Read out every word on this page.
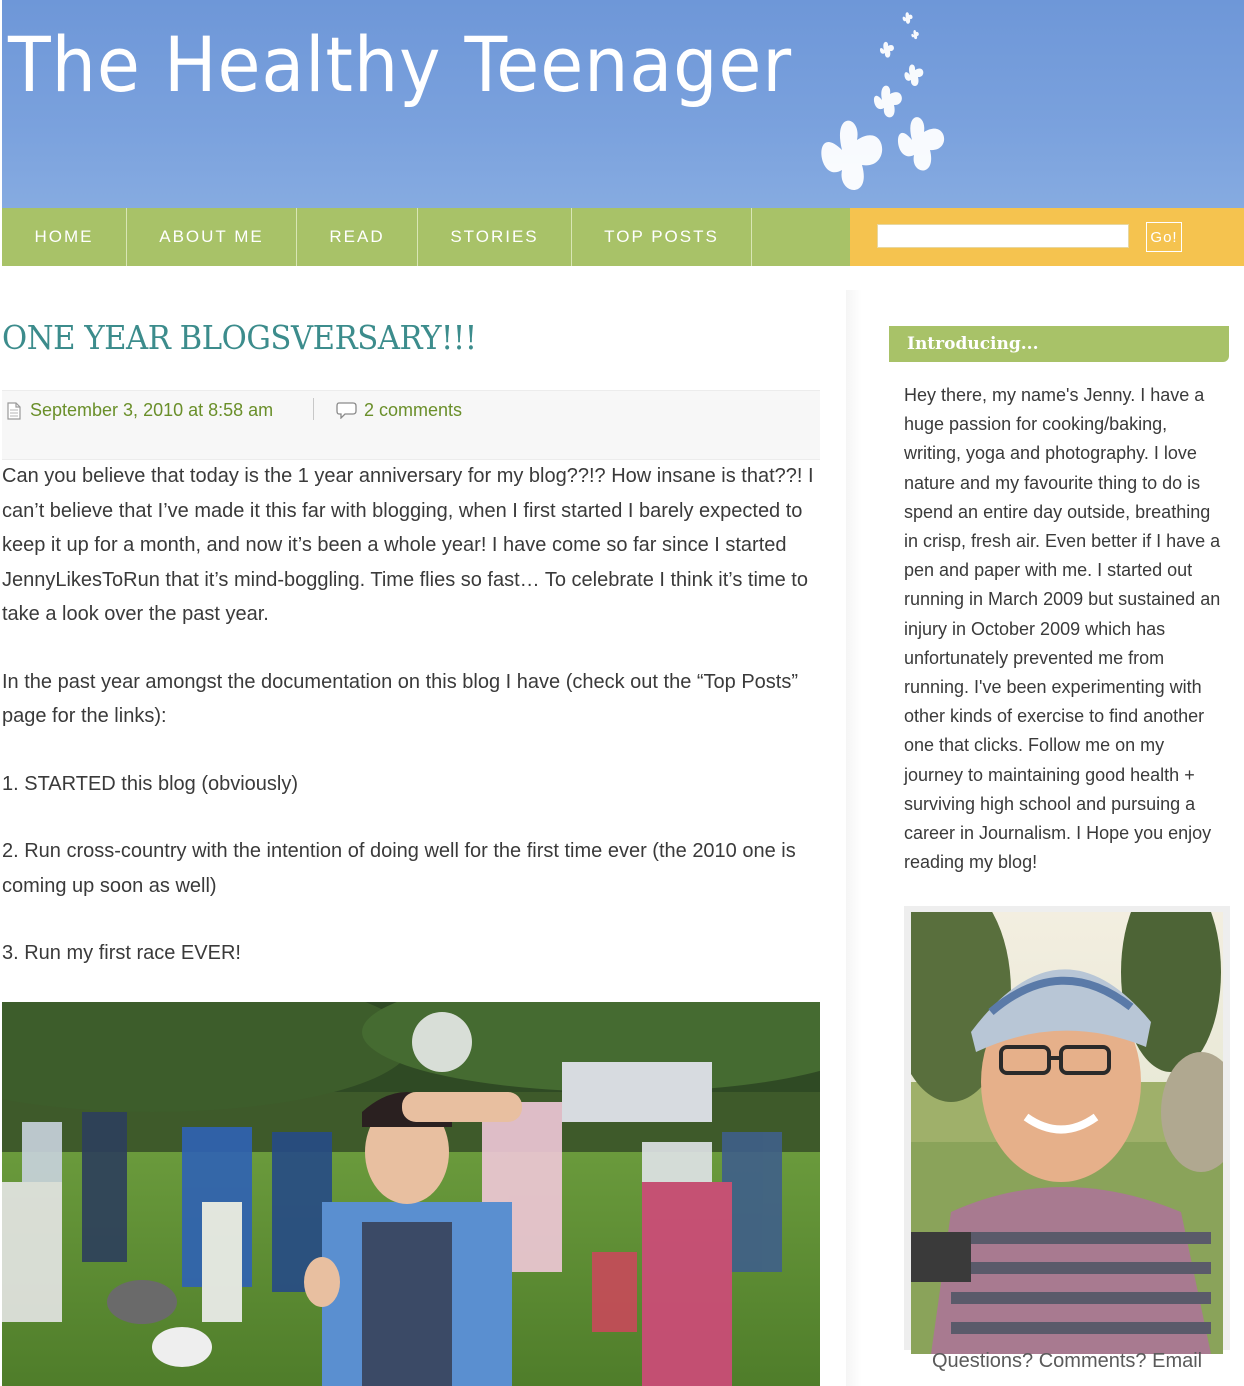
The Healthy Teenager
HOME	ABOUT ME	READ	STORIES	TOP POSTS	Go!
ONE YEAR BLOGSVERSARY!!!
September 3, 2010 at 8:58 am	2 comments

Can you believe that today is the 1 year anniversary for my blog??!? How insane is that??! I can’t believe that I’ve made it this far with blogging, when I first started I barely expected to keep it up for a month, and now it’s been a whole year! I have come so far since I started JennyLikesToRun that it’s mind-boggling. Time flies so fast… To celebrate I think it’s time to take a look over the past year.

In the past year amongst the documentation on this blog I have (check out the “Top Posts” page for the links):

1. STARTED this blog (obviously)

2. Run cross-country with the intention of doing well for the first time ever (the 2010 one is coming up soon as well)

3. Run my first race EVER!

Introducing...
Hey there, my name's Jenny. I have a huge passion for cooking/baking, writing, yoga and photography. I love nature and my favourite thing to do is spend an entire day outside, breathing in crisp, fresh air. Even better if I have a pen and paper with me. I started out running in March 2009 but sustained an injury in October 2009 which has unfortunately prevented me from running. I've been experimenting with other kinds of exercise to find another one that clicks. Follow me on my journey to maintaining good health + surviving high school and pursuing a career in Journalism. I Hope you enjoy reading my blog!
Questions? Comments? Email
